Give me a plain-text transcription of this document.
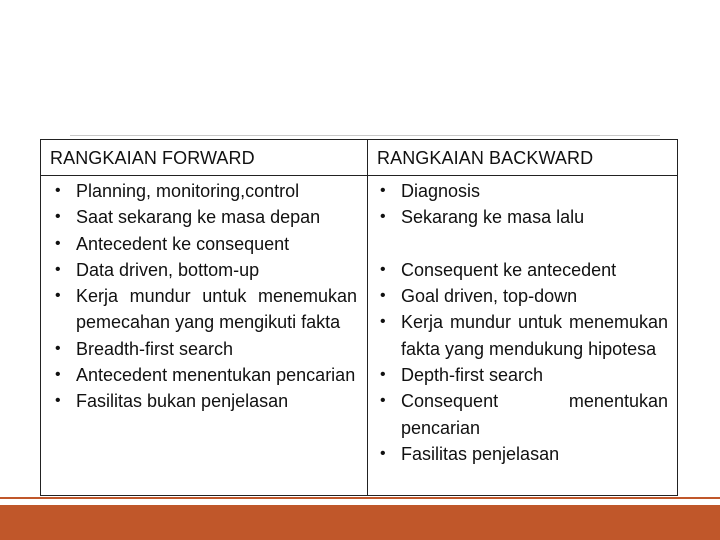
RANGKAIAN FORWARD	RANGKAIAN BACKWARD
• Planning, monitoring,control
• Saat sekarang ke masa depan
• Antecedent ke consequent
• Data driven, bottom-up
• Kerja mundur untuk menemukan pemecahan yang mengikuti fakta
• Breadth-first search
• Antecedent menentukan pencarian
• Fasilitas bukan penjelasan
• Diagnosis
• Sekarang ke masa lalu
• Consequent ke antecedent
• Goal driven, top-down
• Kerja mundur untuk menemukan fakta yang mendukung hipotesa
• Depth-first search
• Consequent menentukan pencarian
• Fasilitas penjelasan
